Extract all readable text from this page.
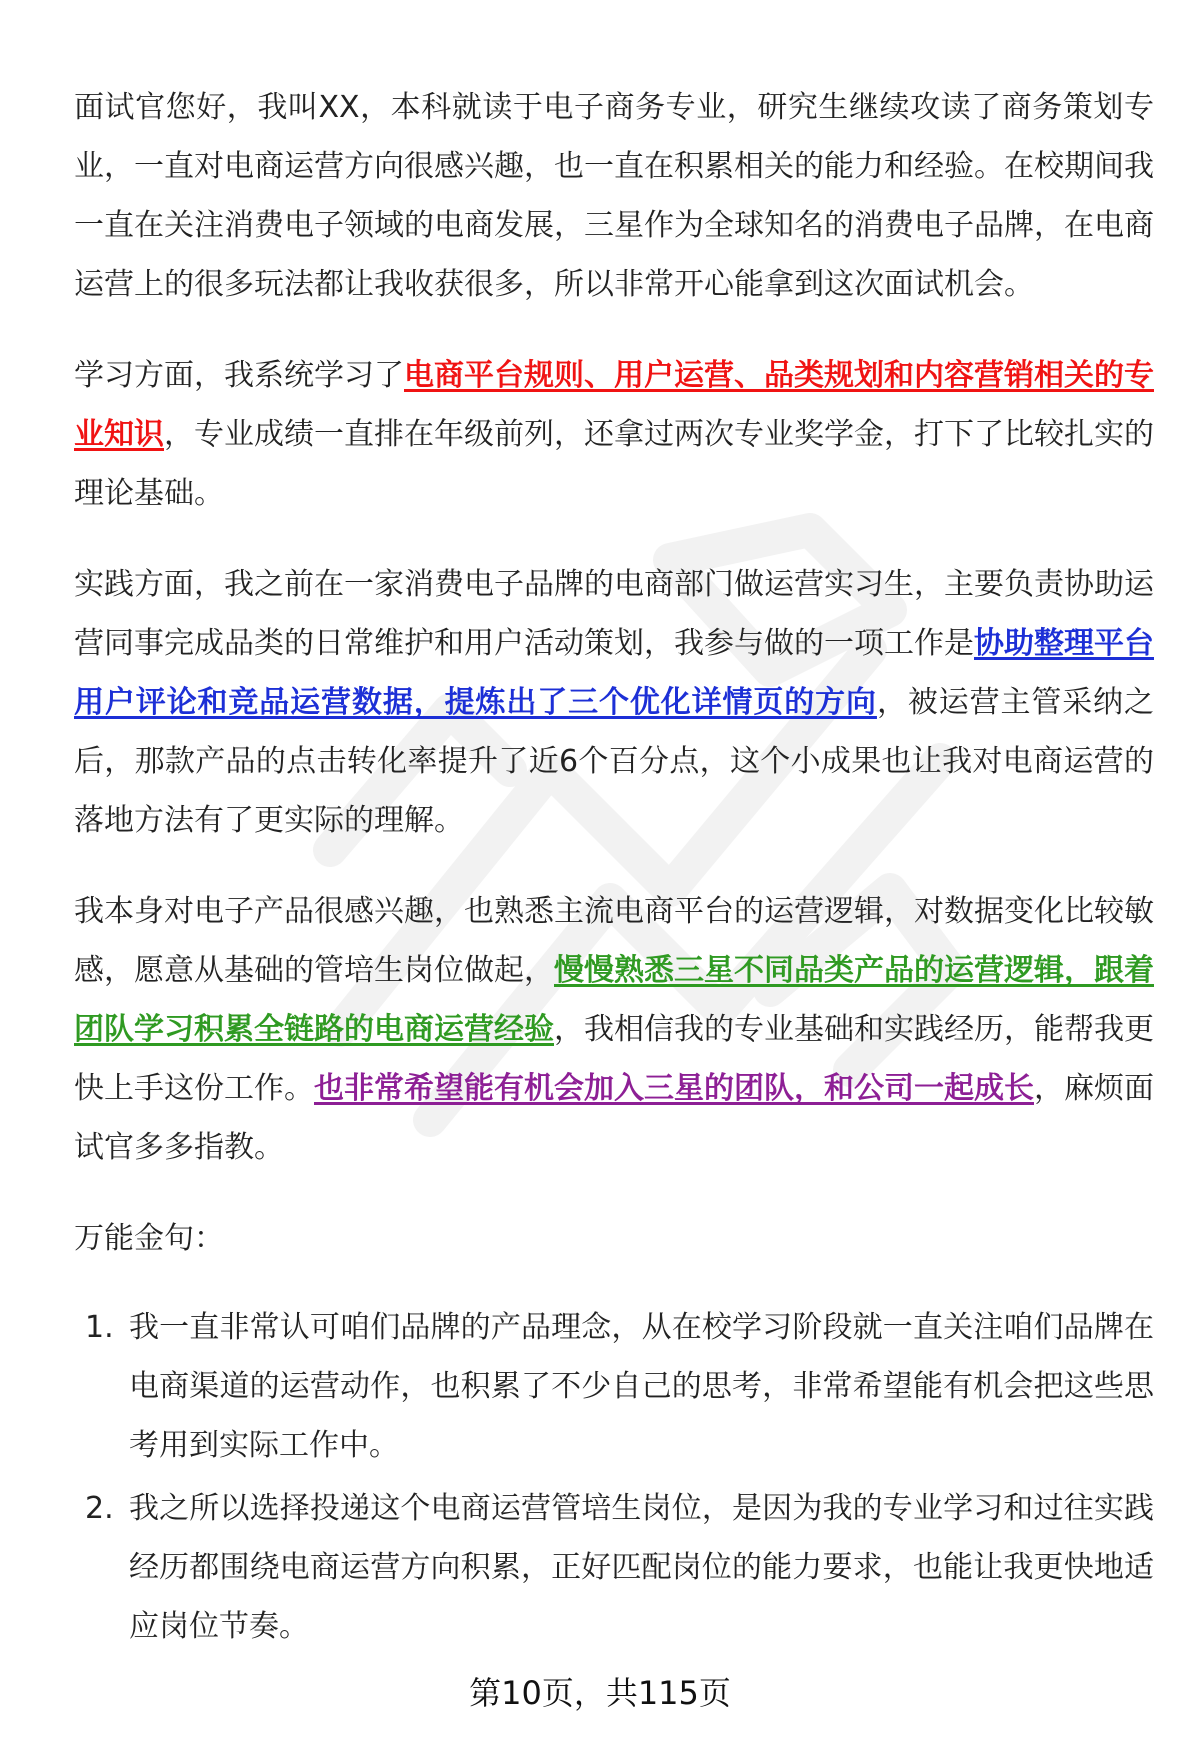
面试官您好，我叫XX，本科就读于电子商务专业，研究生继续攻读了商务策划专业，一直对电商运营方向很感兴趣，也一直在积累相关的能力和经验。在校期间我一直在关注消费电子领域的电商发展，三星作为全球知名的消费电子品牌，在电商运营上的很多玩法都让我收获很多，所以非常开心能拿到这次面试机会。

学习方面，我系统学习了电商平台规则、用户运营、品类规划和内容营销相关的专业知识，专业成绩一直排在年级前列，还拿过两次专业奖学金，打下了比较扎实的理论基础。

实践方面，我之前在一家消费电子品牌的电商部门做运营实习生，主要负责协助运营同事完成品类的日常维护和用户活动策划，我参与做的一项工作是协助整理平台用户评论和竞品运营数据，提炼出了三个优化详情页的方向，被运营主管采纳之后，那款产品的点击转化率提升了近6个百分点，这个小成果也让我对电商运营的落地方法有了更实际的理解。

我本身对电子产品很感兴趣，也熟悉主流电商平台的运营逻辑，对数据变化比较敏感，愿意从基础的管培生岗位做起，慢慢熟悉三星不同品类产品的运营逻辑，跟着团队学习积累全链路的电商运营经验，我相信我的专业基础和实践经历，能帮我更快上手这份工作。也非常希望能有机会加入三星的团队，和公司一起成长，麻烦面试官多多指教。

万能金句：

1. 我一直非常认可咱们品牌的产品理念，从在校学习阶段就一直关注咱们品牌在电商渠道的运营动作，也积累了不少自己的思考，非常希望能有机会把这些思考用到实际工作中。
2. 我之所以选择投递这个电商运营管培生岗位，是因为我的专业学习和过往实践经历都围绕电商运营方向积累，正好匹配岗位的能力要求，也能让我更快地适应岗位节奏。
第10页，共115页
